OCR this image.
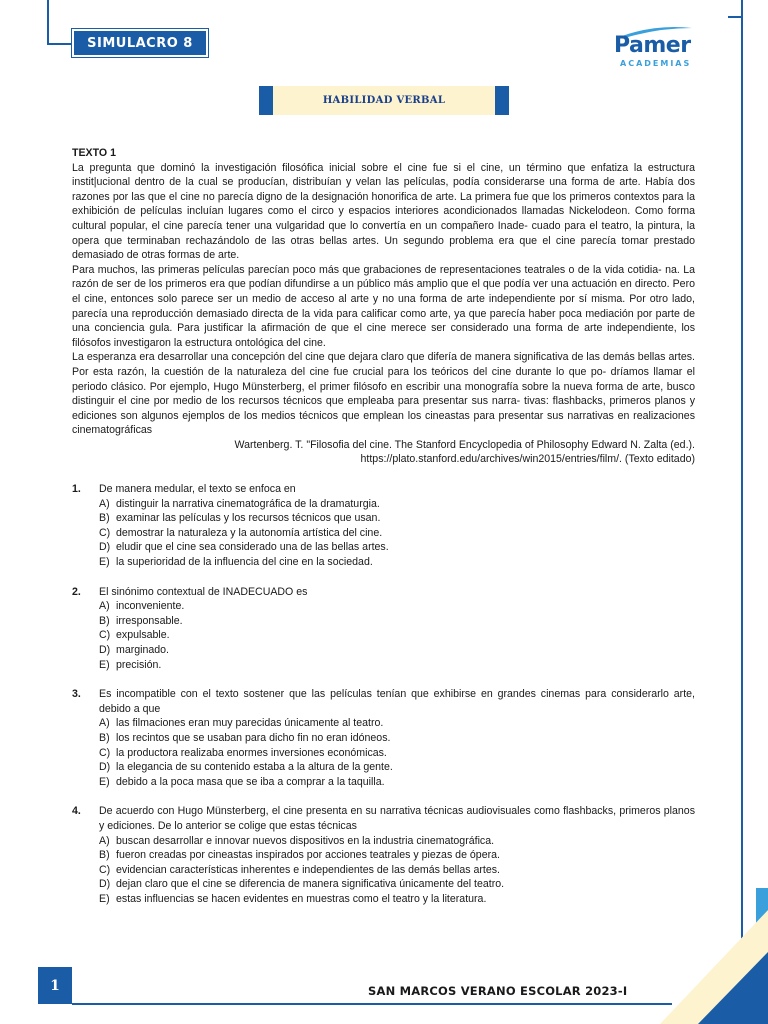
SIMULACRO 8	Pamer
ACADEMIAS
HABILIDAD VERBAL
TEXTO 1

La pregunta que dominó la investigación filosófica inicial sobre el cine fue si el cine, un término que enfatiza la estructura instit|ucional dentro de la cual se producían, distribuían y velan las películas, podía considerarse una forma de arte. Había dos razones por las que el cine no parecía digno de la designación honorifica de arte. La primera fue que los primeros contextos para la exhibición de películas incluían lugares como el circo y espacios interiores acondicionados llamadas Nickelodeon. Como forma cultural popular, el cine parecía tener una vulgaridad que lo convertía en un compañero Inade- cuado para el teatro, la pintura, la opera que terminaban rechazándolo de las otras bellas artes. Un segundo problema era que el cine parecía tomar prestado demasiado de otras formas de arte.

Para muchos, las primeras películas parecían poco más que grabaciones de representaciones teatrales o de la vida cotidia- na. La razón de ser de los primeros era que podían difundirse a un público más amplio que el que podía ver una actuación en directo. Pero el cine, entonces solo parece ser un medio de acceso al arte y no una forma de arte independiente por sí misma. Por otro lado, parecía una reproducción demasiado directa de la vida para calificar como arte, ya que parecía haber poca mediación por parte de una conciencia gula. Para justificar la afirmación de que el cine merece ser considerado una forma de arte independiente, los filósofos investigaron la estructura ontológica del cine.

La esperanza era desarrollar una concepción del cine que dejara claro que difería de manera significativa de las demás bellas artes. Por esta razón, la cuestión de la naturaleza del cine fue crucial para los teóricos del cine durante lo que po- dríamos llamar el periodo clásico. Por ejemplo, Hugo Münsterberg, el primer filósofo en escribir una monografía sobre la nueva forma de arte, busco distinguir el cine por medio de los recursos técnicos que empleaba para presentar sus narra- tivas: flashbacks, primeros planos y ediciones son algunos ejemplos de los medios técnicos que emplean los cineastas para presentar sus narrativas en realizaciones cinematográficas

Wartenberg. T. "Filosofia del cine. The Stanford Encyclopedia of Philosophy Edward N. Zalta (ed.).
https://plato.stanford.edu/archives/win2015/entries/film/. (Texto editado)
1. De manera medular, el texto se enfoca en
A) distinguir la narrativa cinematográfica de la dramaturgia.
B) examinar las películas y los recursos técnicos que usan.
C) demostrar la naturaleza y la autonomía artística del cine.
D) eludir que el cine sea considerado una de las bellas artes.
E) la superioridad de la influencia del cine en la sociedad.
2. El sinónimo contextual de INADECUADO es
A) inconveniente.
B) irresponsable.
C) expulsable.
D) marginado.
E) precisión.
3. Es incompatible con el texto sostener que las películas tenían que exhibirse en grandes cinemas para considerarlo arte, debido a que
A) las filmaciones eran muy parecidas únicamente al teatro.
B) los recintos que se usaban para dicho fin no eran idóneos.
C) la productora realizaba enormes inversiones económicas.
D) la elegancia de su contenido estaba a la altura de la gente.
E) debido a la poca masa que se iba a comprar a la taquilla.
4. De acuerdo con Hugo Münsterberg, el cine presenta en su narrativa técnicas audiovisuales como flashbacks, primeros planos y ediciones. De lo anterior se colige que estas técnicas
A) buscan desarrollar e innovar nuevos dispositivos en la industria cinematográfica.
B) fueron creadas por cineastas inspirados por acciones teatrales y piezas de ópera.
C) evidencian características inherentes e independientes de las demás bellas artes.
D) dejan claro que el cine se diferencia de manera significativa únicamente del teatro.
E) estas influencias se hacen evidentes en muestras como el teatro y la literatura.
1	SAN MARCOS VERANO ESCOLAR 2023-I
